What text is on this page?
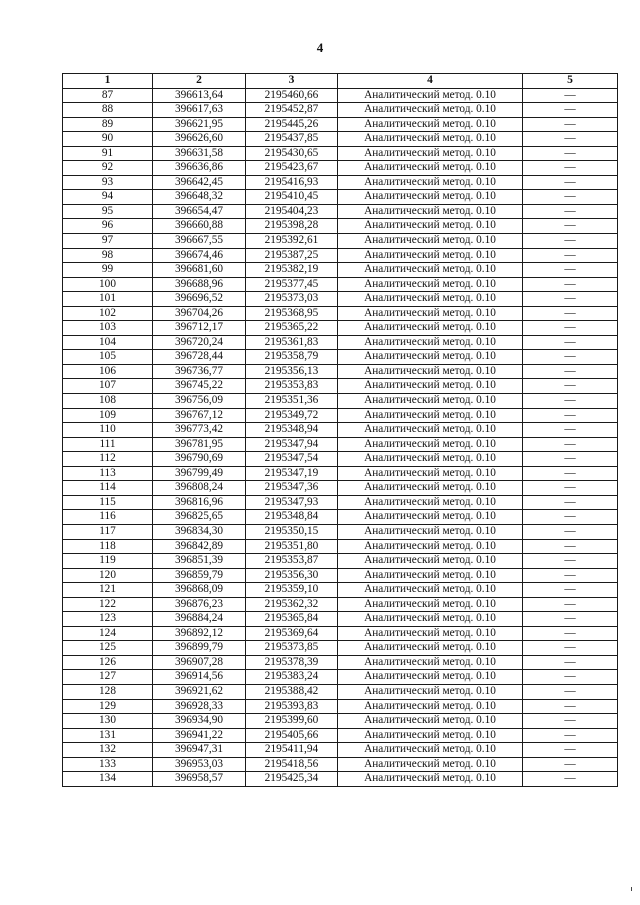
4
1	2	3	4	5
87	396613,64	2195460,66	Аналитический метод. 0.10	—
88	396617,63	2195452,87	Аналитический метод. 0.10	—
89	396621,95	2195445,26	Аналитический метод. 0.10	—
90	396626,60	2195437,85	Аналитический метод. 0.10	—
91	396631,58	2195430,65	Аналитический метод. 0.10	—
92	396636,86	2195423,67	Аналитический метод. 0.10	—
93	396642,45	2195416,93	Аналитический метод. 0.10	—
94	396648,32	2195410,45	Аналитический метод. 0.10	—
95	396654,47	2195404,23	Аналитический метод. 0.10	—
96	396660,88	2195398,28	Аналитический метод. 0.10	—
97	396667,55	2195392,61	Аналитический метод. 0.10	—
98	396674,46	2195387,25	Аналитический метод. 0.10	—
99	396681,60	2195382,19	Аналитический метод. 0.10	—
100	396688,96	2195377,45	Аналитический метод. 0.10	—
101	396696,52	2195373,03	Аналитический метод. 0.10	—
102	396704,26	2195368,95	Аналитический метод. 0.10	—
103	396712,17	2195365,22	Аналитический метод. 0.10	—
104	396720,24	2195361,83	Аналитический метод. 0.10	—
105	396728,44	2195358,79	Аналитический метод. 0.10	—
106	396736,77	2195356,13	Аналитический метод. 0.10	—
107	396745,22	2195353,83	Аналитический метод. 0.10	—
108	396756,09	2195351,36	Аналитический метод. 0.10	—
109	396767,12	2195349,72	Аналитический метод. 0.10	—
110	396773,42	2195348,94	Аналитический метод. 0.10	—
111	396781,95	2195347,94	Аналитический метод. 0.10	—
112	396790,69	2195347,54	Аналитический метод. 0.10	—
113	396799,49	2195347,19	Аналитический метод. 0.10	—
114	396808,24	2195347,36	Аналитический метод. 0.10	—
115	396816,96	2195347,93	Аналитический метод. 0.10	—
116	396825,65	2195348,84	Аналитический метод. 0.10	—
117	396834,30	2195350,15	Аналитический метод. 0.10	—
118	396842,89	2195351,80	Аналитический метод. 0.10	—
119	396851,39	2195353,87	Аналитический метод. 0.10	—
120	396859,79	2195356,30	Аналитический метод. 0.10	—
121	396868,09	2195359,10	Аналитический метод. 0.10	—
122	396876,23	2195362,32	Аналитический метод. 0.10	—
123	396884,24	2195365,84	Аналитический метод. 0.10	—
124	396892,12	2195369,64	Аналитический метод. 0.10	—
125	396899,79	2195373,85	Аналитический метод. 0.10	—
126	396907,28	2195378,39	Аналитический метод. 0.10	—
127	396914,56	2195383,24	Аналитический метод. 0.10	—
128	396921,62	2195388,42	Аналитический метод. 0.10	—
129	396928,33	2195393,83	Аналитический метод. 0.10	—
130	396934,90	2195399,60	Аналитический метод. 0.10	—
131	396941,22	2195405,66	Аналитический метод. 0.10	—
132	396947,31	2195411,94	Аналитический метод. 0.10	—
133	396953,03	2195418,56	Аналитический метод. 0.10	—
134	396958,57	2195425,34	Аналитический метод. 0.10	—
